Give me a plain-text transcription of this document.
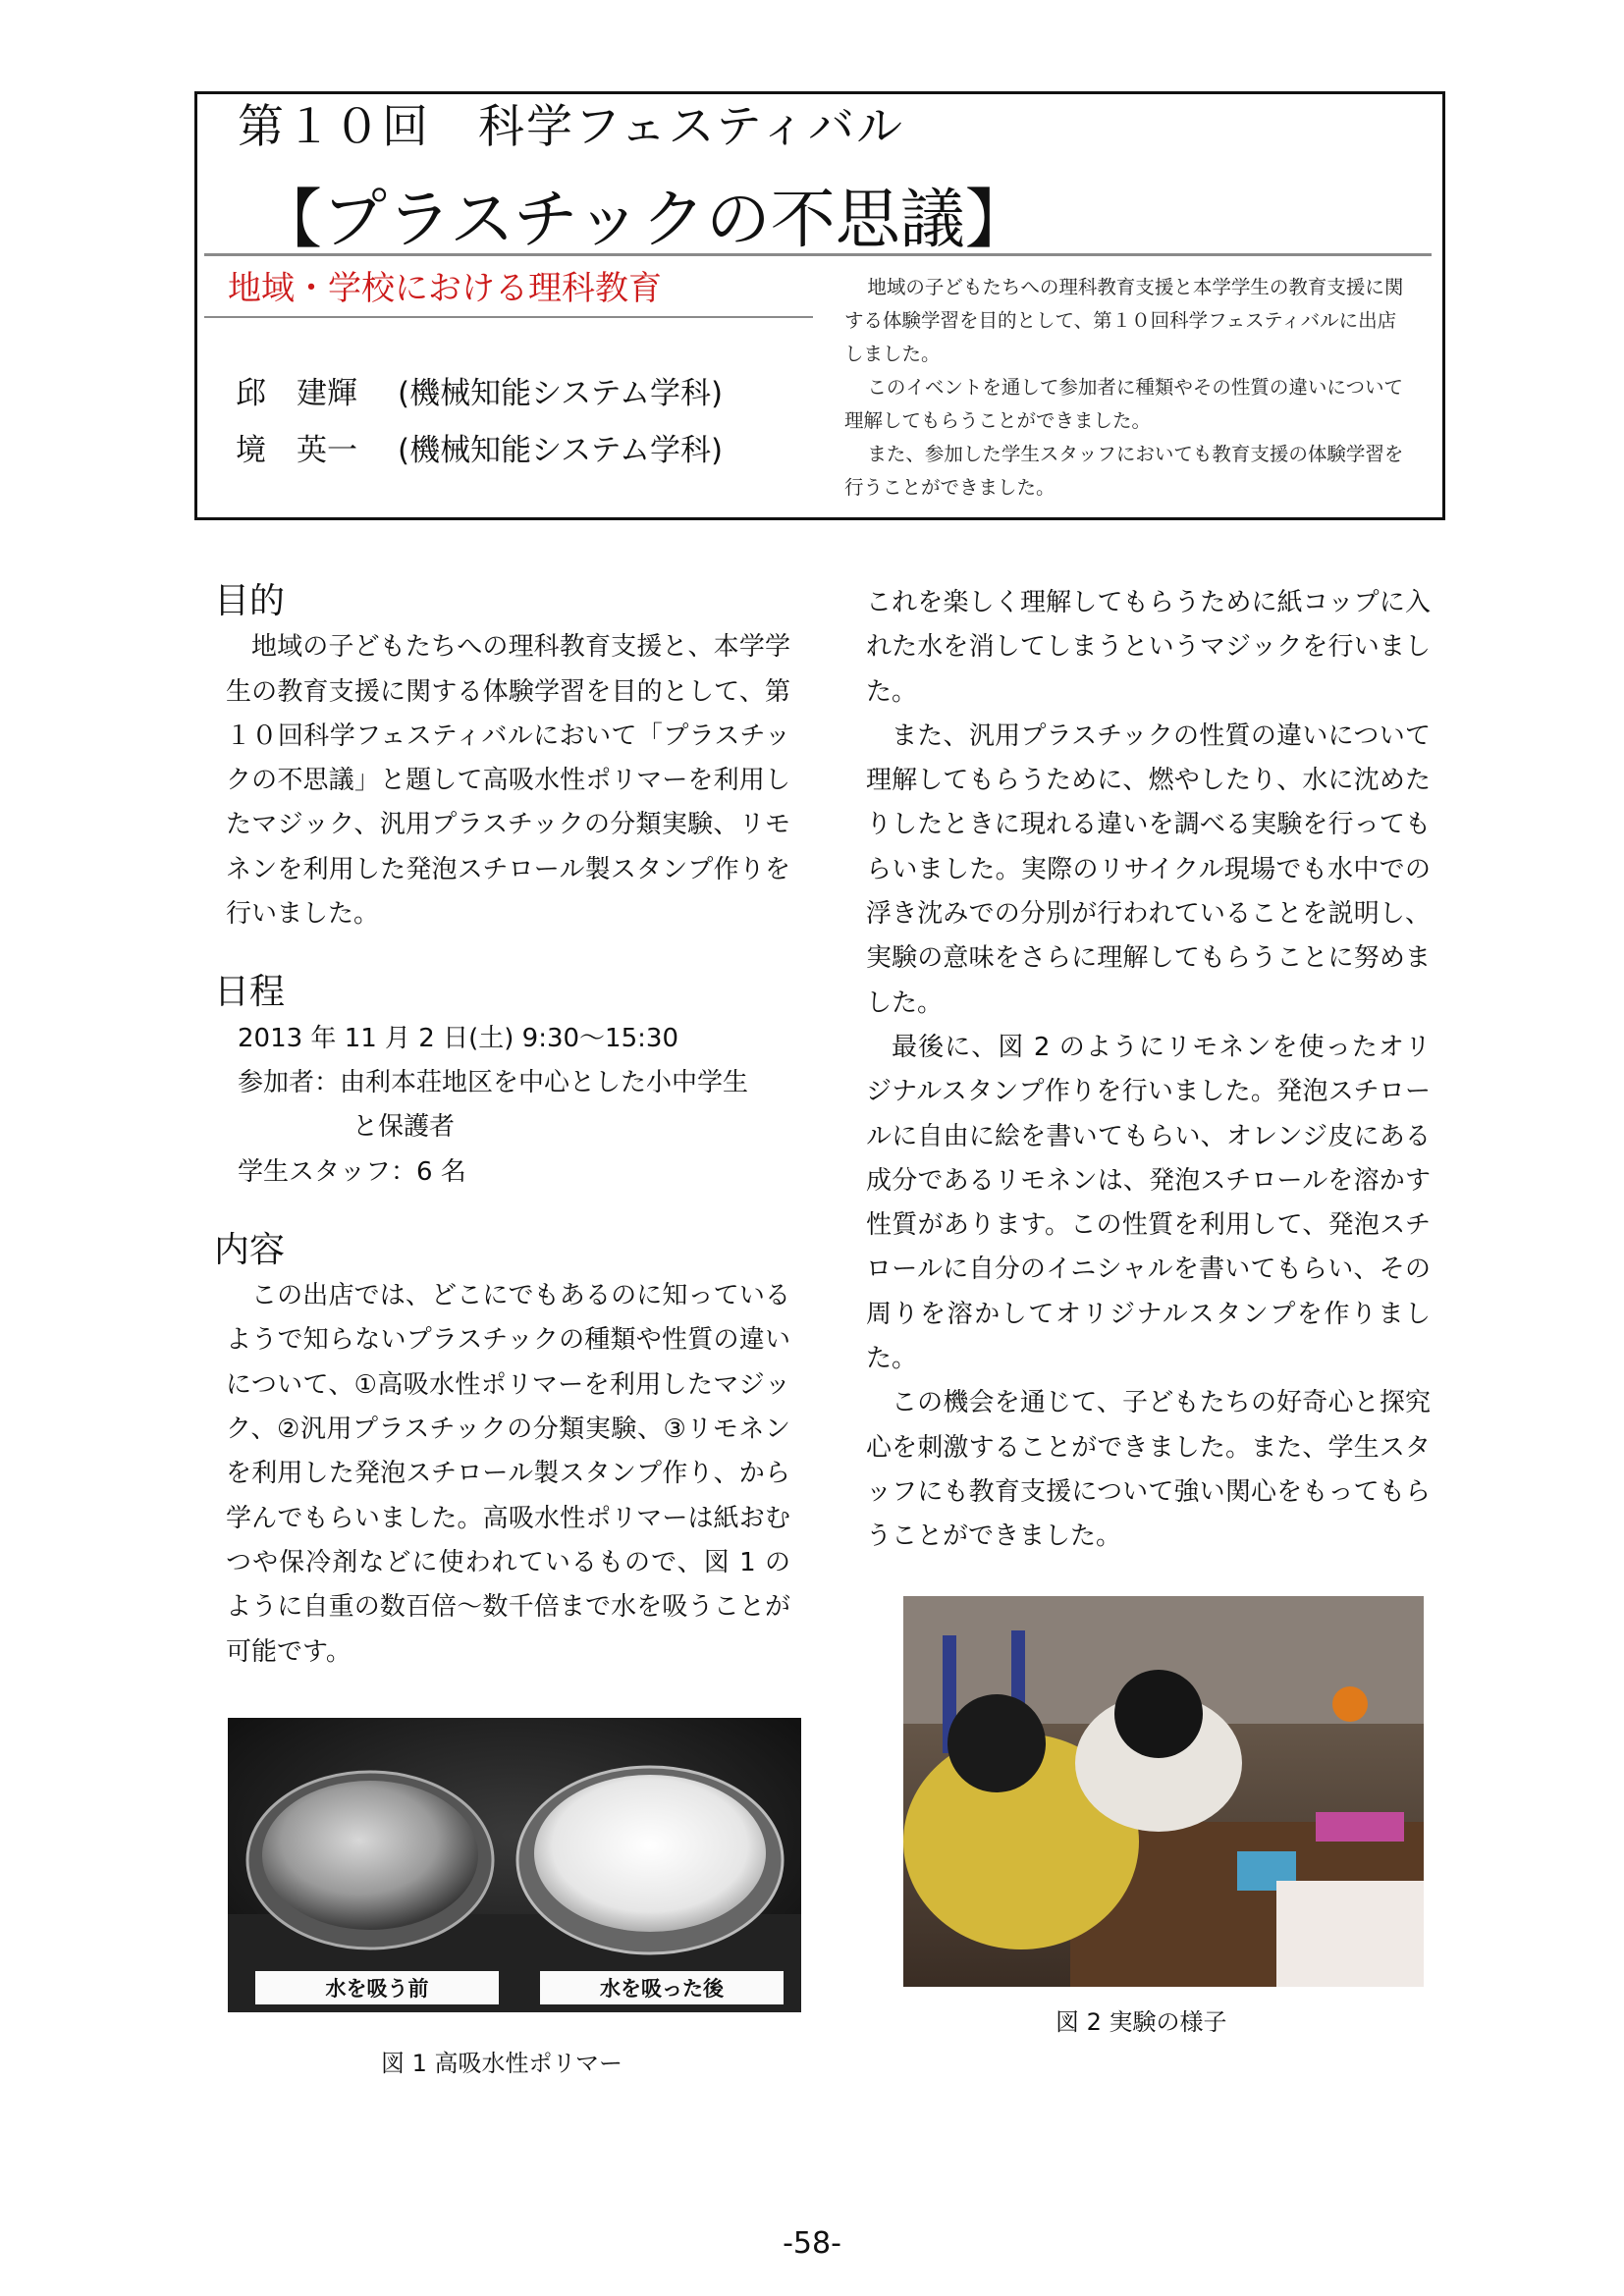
第１０回　科学フェスティバル
【プラスチックの不思議】
地域・学校における理科教育
邱　建輝 (機械知能システム学科)
境　英一 (機械知能システム学科)

地域の子どもたちへの理科教育支援と本学学生の教育支援に関する体験学習を目的として、第１０回科学フェスティバルに出店しました。

このイベントを通して参加者に種類やその性質の違いについて理解してもらうことができました。

また、参加した学生スタッフにおいても教育支援の体験学習を行うことができました。

目的

地域の子どもたちへの理科教育支援と、本学学生の教育支援に関する体験学習を目的として、第１０回科学フェスティバルにおいて「プラスチックの不思議」と題して高吸水性ポリマーを利用したマジック、汎用プラスチックの分類実験、リモネンを利用した発泡スチロール製スタンプ作りを行いました。

日程
2013 年 11 月 2 日(土) 9:30～15:30
参加者：由利本荘地区を中心とした小中学生
と保護者
学生スタッフ：6 名
内容

この出店では、どこにでもあるのに知っているようで知らないプラスチックの種類や性質の違いについて、①高吸水性ポリマーを利用したマジック、②汎用プラスチックの分類実験、③リモネンを利用した発泡スチロール製スタンプ作り、から学んでもらいました。高吸水性ポリマーは紙おむつや保冷剤などに使われているもので、図 1 のように自重の数百倍～数千倍まで水を吸うことが可能です。

これを楽しく理解してもらうために紙コップに入れた水を消してしまうというマジックを行いました。

また、汎用プラスチックの性質の違いについて理解してもらうために、燃やしたり、水に沈めたりしたときに現れる違いを調べる実験を行ってもらいました。実際のリサイクル現場でも水中での浮き沈みでの分別が行われていることを説明し、実験の意味をさらに理解してもらうことに努めました。

最後に、図 2 のようにリモネンを使ったオリジナルスタンプ作りを行いました。発泡スチロールに自由に絵を書いてもらい、オレンジ皮にある成分であるリモネンは、発泡スチロールを溶かす性質があります。この性質を利用して、発泡スチロールに自分のイニシャルを書いてもらい、その周りを溶かしてオリジナルスタンプを作りました。

この機会を通じて、子どもたちの好奇心と探究心を刺激することができました。また、学生スタッフにも教育支援について強い関心をもってもらうことができました。

水を吸う前	水を吸った後
図 1 高吸水性ポリマー
図 2 実験の様子
-58-
